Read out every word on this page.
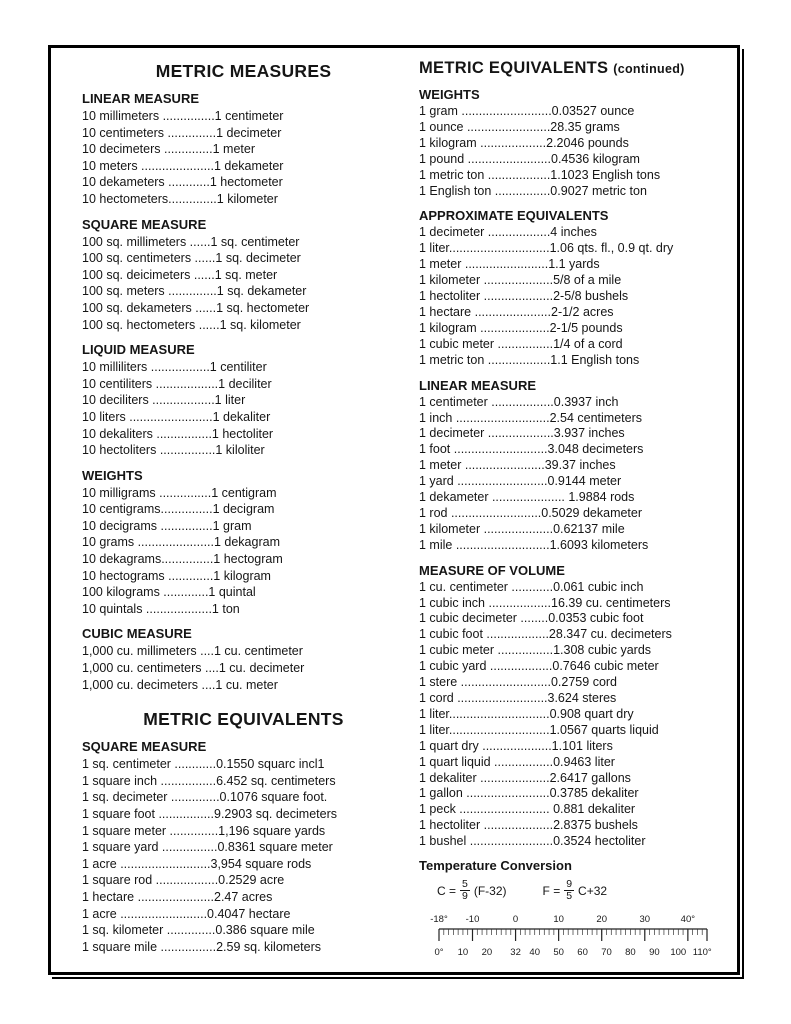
METRIC MEASURES
LINEAR MEASURE
10 millimeters ...............1 centimeter
10 centimeters ..............1 decimeter
10 decimeters ..............1 meter
10 meters .....................1 dekameter
10 dekameters ............1 hectometer
10 hectometers..............1 kilometer
SQUARE MEASURE
100 sq. millimeters ......1 sq. centimeter
100 sq. centimeters ......1 sq. decimeter
100 sq. deicimeters ......1 sq. meter
100 sq. meters ..............1 sq. dekameter
100 sq. dekameters ......1 sq. hectometer
100 sq. hectometers ......1 sq. kilometer
LIQUID MEASURE
10 milliliters .................1 centiliter
10 centiliters ..................1 deciliter
10 deciliters ..................1 liter
10 liters ........................1 dekaliter
10 dekaliters ................1 hectoliter
10 hectoliters ................1 kiloliter
WEIGHTS
10 milligrams ...............1 centigram
10 centigrams...............1 decigram
10 decigrams ...............1 gram
10 grams ......................1 dekagram
10 dekagrams...............1 hectogram
10 hectograms .............1 kilogram
100 kilograms .............1 quintal
10 quintals ...................1 ton
CUBIC MEASURE
1,000 cu. millimeters ....1 cu. centimeter
1,000 cu. centimeters ....1 cu. decimeter
1,000 cu. decimeters ....1 cu. meter
METRIC EQUIVALENTS
SQUARE MEASURE
1 sq. centimeter ............0.1550 squarc incl1
1 square inch ................6.452 sq. centimeters
1 sq. decimeter ..............0.1076 square foot.
1 square foot ................9.2903 sq. decimeters
1 square meter ..............1,196 square yards
1 square yard ................0.8361 square meter
1 acre ..........................3,954 square rods
1 square rod ..................0.2529 acre
1 hectare ......................2.47 acres
1 acre .........................0.4047 hectare
1 sq. kilometer ..............0.386 square mile
1 square mile ................2.59 sq. kilometers
METRIC EQUIVALENTS (continued)
WEIGHTS
1 gram ..........................0.03527 ounce
1 ounce ........................28.35 grams
1 kilogram ...................2.2046 pounds
1 pound ........................0.4536 kilogram
1 metric ton ..................1.1023 English tons
1 English ton ................0.9027 metric ton
APPROXIMATE EQUIVALENTS
1 decimeter ..................4 inches
1 liter.............................1.06 qts. fl., 0.9 qt. dry
1 meter ........................1.1 yards
1 kilometer ....................5/8 of a mile
1 hectoliter ....................2-5/8 bushels
1 hectare ......................2-1/2 acres
1 kilogram ....................2-1/5 pounds
1 cubic meter ................1/4 of a cord
1 metric ton ..................1.1 English tons
LINEAR MEASURE
1 centimeter ..................0.3937 inch
1 inch ...........................2.54 centimeters
1 decimeter ...................3.937 inches
1 foot ...........................3.048 decimeters
1 meter .......................39.37 inches
1 yard ..........................0.9144 meter
1 dekameter ..................... 1.9884 rods
1 rod ..........................0.5029 dekameter
1 kilometer ....................0.62137 mile
1 mile ...........................1.6093 kilometers
MEASURE OF VOLUME
1 cu. centimeter ............0.061 cubic inch
1 cubic inch ..................16.39 cu. centimeters
1 cubic decimeter ........0.0353 cubic foot
1 cubic foot ..................28.347 cu. decimeters
1 cubic meter ................1.308 cubic yards
1 cubic yard ..................0.7646 cubic meter
1 stere ..........................0.2759 cord
1 cord ..........................3.624 steres
1 liter.............................0.908 quart dry
1 liter.............................1.0567 quarts liquid
1 quart dry ....................1.101 liters
1 quart liquid .................0.9463 liter
1 dekaliter ....................2.6417 gallons
1 gallon ........................0.3785 dekaliter
1 peck .......................... 0.881 dekaliter
1 hectoliter ....................2.8375 bushels
1 bushel ........................0.3524 hectoliter
Temperature Conversion
$C = \frac{5}{9} (F-32)$	$F = \frac{9}{5} C+32$
-18° -10	0	10	20	30	40°
0° 10 20 32 40 50 60 70 80 90 100 110°
